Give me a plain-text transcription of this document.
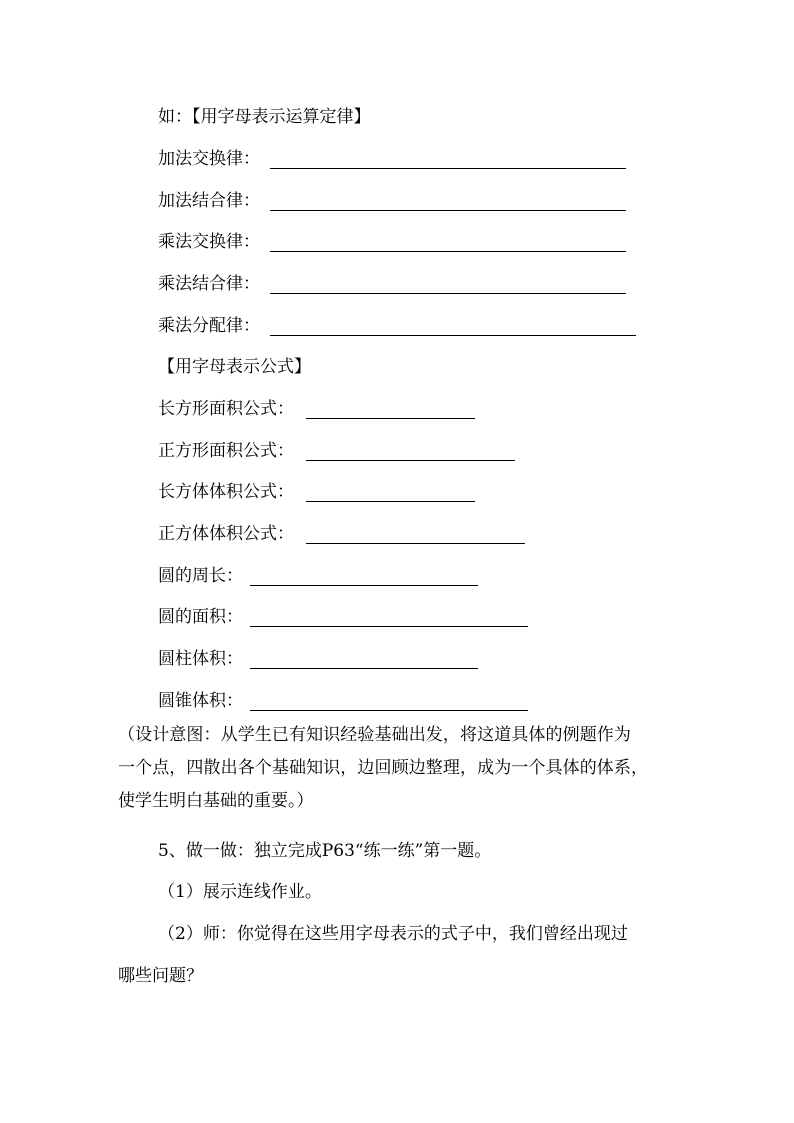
如：【用字母表示运算定律】
加法交换律：
加法结合律：
乘法交换律：
乘法结合律：
乘法分配律：
【用字母表示公式】
长方形面积公式：
正方形面积公式：
长方体体积公式：
正方体体积公式：
圆的周长：
圆的面积：
圆柱体积：
圆锥体积：
（设计意图：从学生已有知识经验基础出发，将这道具体的例题作为
一个点，四散出各个基础知识，边回顾边整理，成为一个具体的体系，
使学生明白基础的重要。）
5、做一做：独立完成P63“练一练”第一题。
（1）展示连线作业。
（2）师：你觉得在这些用字母表示的式子中，我们曾经出现过
哪些问题？
